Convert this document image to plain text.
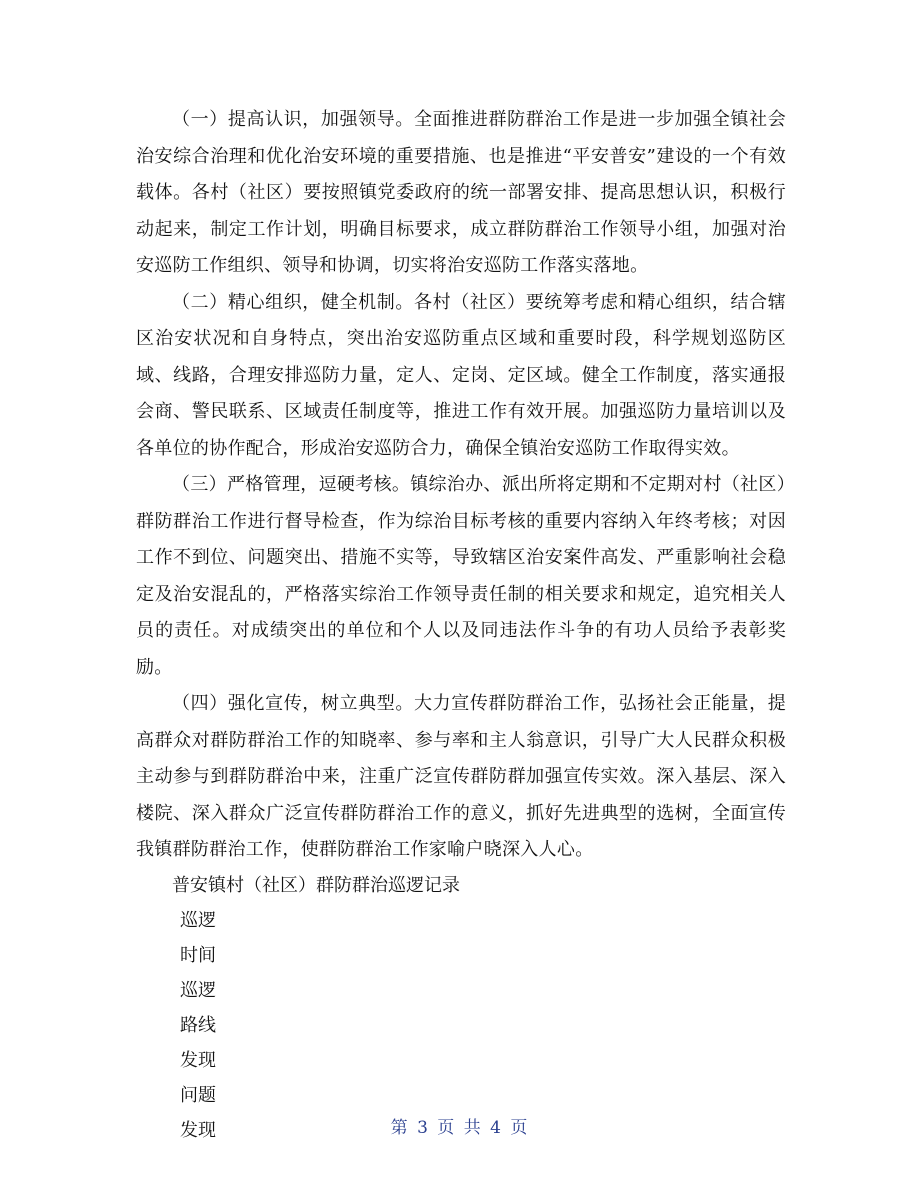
（一）提高认识，加强领导。全面推进群防群治工作是进一步加强全镇社会治安综合治理和优化治安环境的重要措施、也是推进“平安普安”建设的一个有效载体。各村（社区）要按照镇党委政府的统一部署安排、提高思想认识，积极行动起来，制定工作计划，明确目标要求，成立群防群治工作领导小组，加强对治安巡防工作组织、领导和协调，切实将治安巡防工作落实落地。

（二）精心组织，健全机制。各村（社区）要统筹考虑和精心组织，结合辖区治安状况和自身特点，突出治安巡防重点区域和重要时段，科学规划巡防区域、线路，合理安排巡防力量，定人、定岗、定区域。健全工作制度，落实通报会商、警民联系、区域责任制度等，推进工作有效开展。加强巡防力量培训以及各单位的协作配合，形成治安巡防合力，确保全镇治安巡防工作取得实效。

（三）严格管理，逗硬考核。镇综治办、派出所将定期和不定期对村（社区）群防群治工作进行督导检查，作为综治目标考核的重要内容纳入年终考核；对因工作不到位、问题突出、措施不实等，导致辖区治安案件高发、严重影响社会稳定及治安混乱的，严格落实综治工作领导责任制的相关要求和规定，追究相关人员的责任。对成绩突出的单位和个人以及同违法作斗争的有功人员给予表彰奖励。

（四）强化宣传，树立典型。大力宣传群防群治工作，弘扬社会正能量，提高群众对群防群治工作的知晓率、参与率和主人翁意识，引导广大人民群众积极主动参与到群防群治中来，注重广泛宣传群防群加强宣传实效。深入基层、深入楼院、深入群众广泛宣传群防群治工作的意义，抓好先进典型的选树，全面宣传我镇群防群治工作，使群防群治工作家喻户晓深入人心。

普安镇村（社区）群防群治巡逻记录

巡逻

时间

巡逻

路线

发现

问题

发现	第 3 页 共 4 页
